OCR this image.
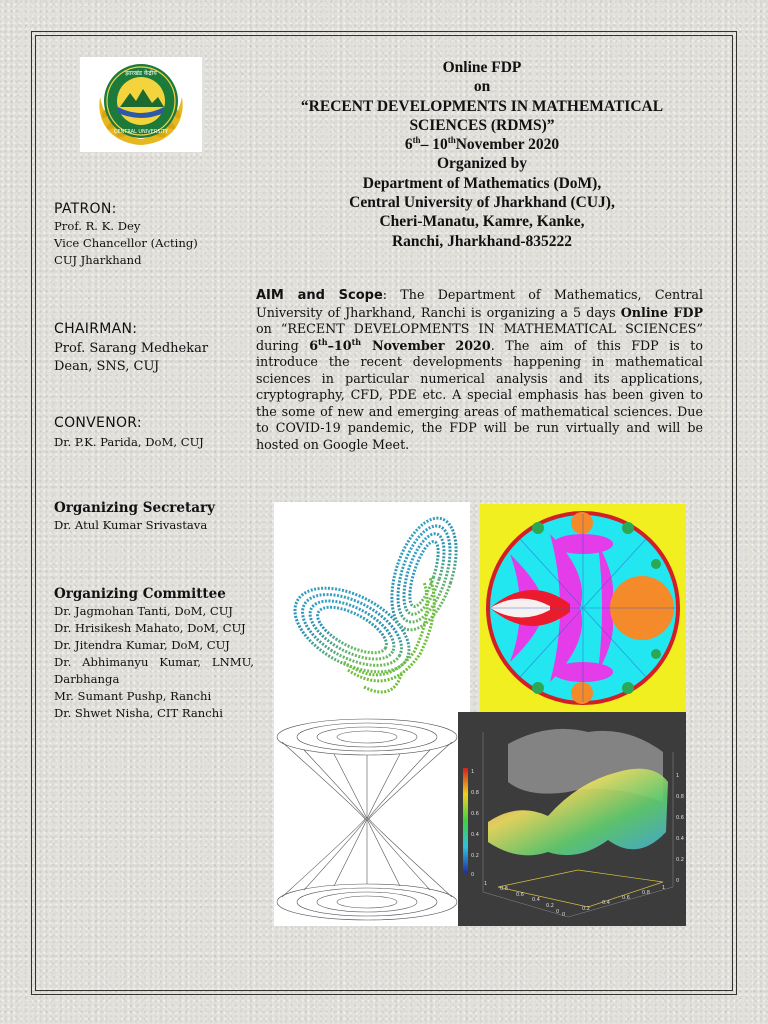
झारखंड केंद्रीय
CENTRAL UNIVERSITY
Online FDP
on
“RECENT DEVELOPMENTS IN MATHEMATICAL
SCIENCES (RDMS)”
6th– 10thNovember 2020
Organized by
Department of Mathematics (DoM),
Central University of Jharkhand (CUJ),
Cheri-Manatu, Kamre, Kanke,
Ranchi, Jharkhand-835222
PATRON:
Prof. R. K. Dey
Vice Chancellor (Acting)
CUJ Jharkhand
CHAIRMAN:
Prof. Sarang Medhekar
Dean, SNS, CUJ
CONVENOR:
Dr. P.K. Parida, DoM, CUJ
Organizing Secretary
Dr. Atul Kumar Srivastava
Organizing Committee
Dr. Jagmohan Tanti, DoM, CUJ
Dr. Hrisikesh Mahato, DoM, CUJ
Dr. Jitendra Kumar, DoM, CUJ
Dr. Abhimanyu Kumar, LNMU, Darbhanga
Mr. Sumant Pushp, Ranchi
Dr. Shwet Nisha, CIT Ranchi
AIM and Scope: The Department of Mathematics, Central University of Jharkhand, Ranchi is organizing a 5 days Online FDP on “RECENT DEVELOPMENTS IN MATHEMATICAL SCIENCES” during 6th–10th November 2020. The aim of this FDP is to introduce the recent developments happening in mathematical sciences in particular numerical analysis and its applications, cryptography, CFD, PDE etc. A special emphasis has been given to the some of new and emerging areas of mathematical sciences. Due to COVID-19 pandemic, the FDP will be run virtually and will be hosted on Google Meet.
1
0.8
0.6
0.4
0.2
0
1
0.8
0.6
0.4
0.2
0
0
0.2
0.4
0.6
0.8
1
1
0.8
0.6
0.4
0.2
0
